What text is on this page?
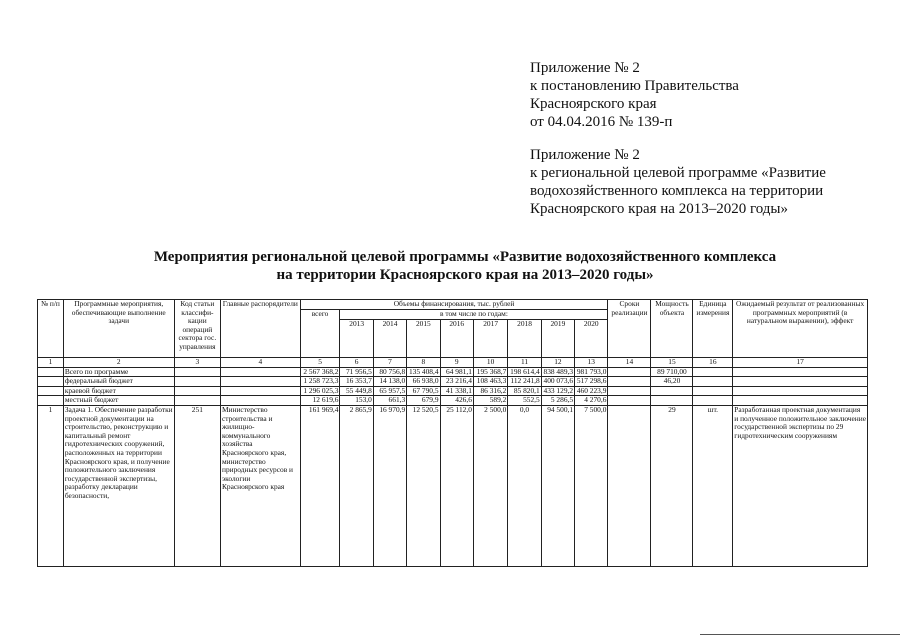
Приложение № 2

к постановлению Правительства

Красноярского края

от 04.04.2016 № 139-п

Приложение № 2

к региональной целевой программе «Развитие

водохозяйственного комплекса на территории

Красноярского края на 2013–2020 годы»

Мероприятия региональной целевой программы «Развитие водохозяйственного комплекса

на территории Красноярского края на 2013–2020 годы»

№ п/п	Программные мероприятия, обеспечивающие выполнение задачи	Код статьи классифи-кации операций сектора гос. управления	Главные распорядители	Объемы финансирования, тыс. рублей									Сроки реализации	Мощность объекта	Единица измерения	Ожидаемый результат от реализованных программных мероприятий (в натуральном выражении), эффект
				всего	в том числе по годам:											
					2013	2014	2015	2016	2017	2018	2019	2020				
1	2	3	4	5	6	7	8	9	10	11	12	13	14	15	16	17
	Всего по программе			2 567 368,2	71 956,5	80 756,8	135 408,4	64 981,1	195 368,7	198 614,4	838 489,3	981 793,0		89 710,00		
	федеральный бюджет			1 258 723,3	16 353,7	14 138,0	66 938,0	23 216,4	108 463,3	112 241,8	400 073,6	517 298,6		46,20		
	краевой бюджет			1 296 025,3	55 449,8	65 957,5	67 790,5	41 338,1	86 316,2	85 820,1	433 129,2	460 223,9				
	местный бюджет			12 619,6	153,0	661,3	679,9	426,6	589,2	552,5	5 286,5	4 270,6				
1	Задача 1. Обеспечение разработки проектной документации на строительство, реконструкцию и капитальный ремонт гидротехнических сооружений, расположенных на территории Красноярского края, и получение положительного заключения государственной экспертизы, разработку декларации безопасности,	251	Министерство строительства и жилищно-коммунального хозяйства Красноярского края, министерство природных ресурсов и экологии Красноярского края	161 969,4	2 865,9	16 970,9	12 520,5	25 112,0	2 500,0	0,0	94 500,1	7 500,0		29	шт.	Разработанная проектная документация и полученное положительное заключение государственной экспертизы по 29 гидротехническим сооружениям
